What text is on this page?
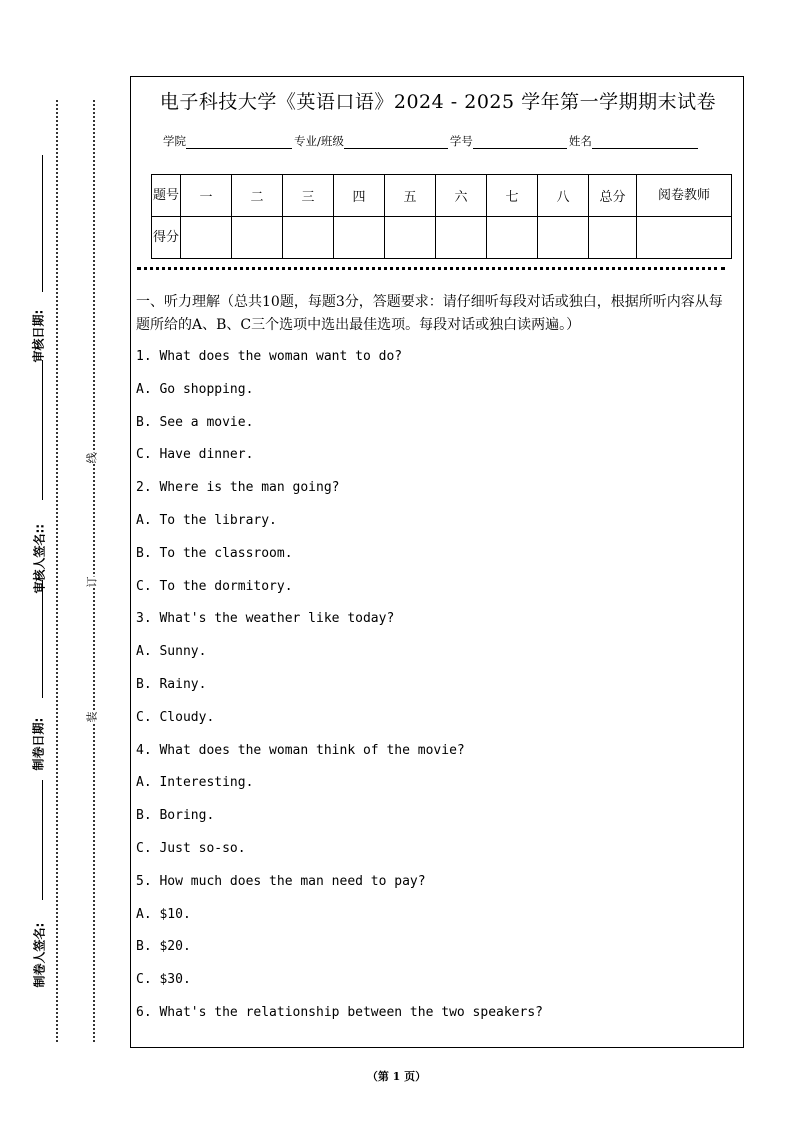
制卷人签名:
制卷日期:
审核人签名::
审核日期:
线
订
装
电子科技大学《英语口语》2024 - 2025 学年第一学期期末试卷
学院	专业/班级	学号	姓名
题号	一	二	三	四	五	六	七	八	总分	阅卷教师
得分										
一、听力理解（总共10题，每题3分，答题要求：请仔细听每段对话或独白，根据所听内容从每题所给的A、B、C三个选项中选出最佳选项。每段对话或独白读两遍。）
1. What does the woman want to do?
A. Go shopping.
B. See a movie.
C. Have dinner.
2. Where is the man going?
A. To the library.
B. To the classroom.
C. To the dormitory.
3. What's the weather like today?
A. Sunny.
B. Rainy.
C. Cloudy.
4. What does the woman think of the movie?
A. Interesting.
B. Boring.
C. Just so-so.
5. How much does the man need to pay?
A. $10.
B. $20.
C. $30.
6. What's the relationship between the two speakers?
（第 1 页）
